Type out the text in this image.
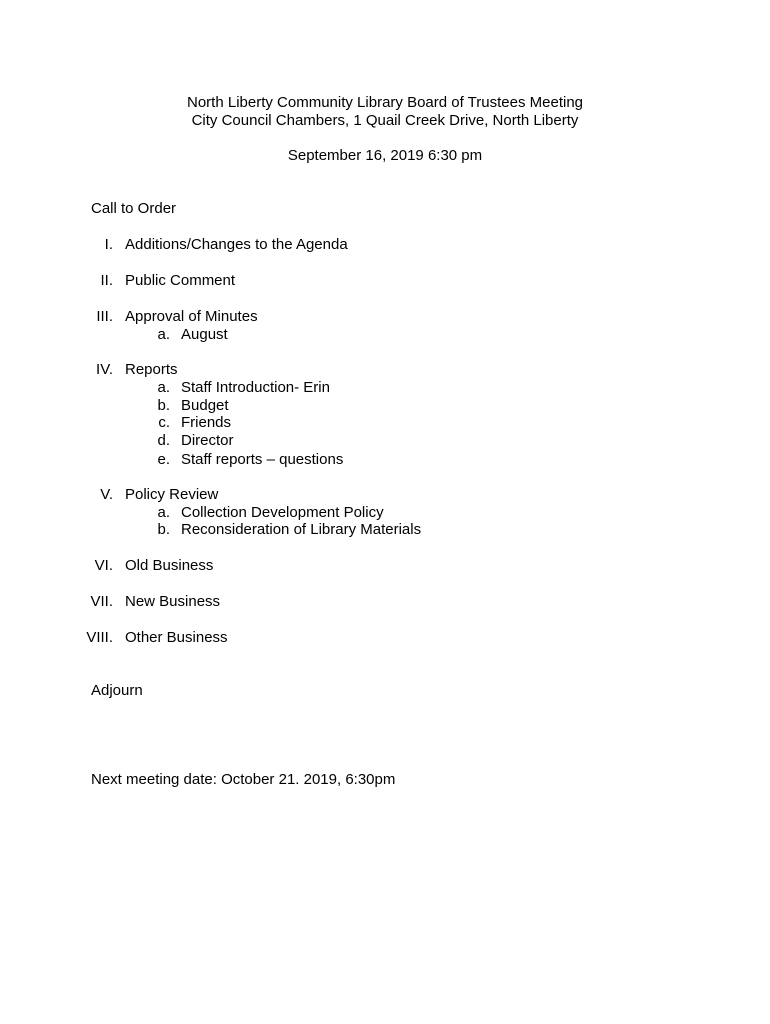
North Liberty Community Library Board of Trustees Meeting
City Council Chambers, 1 Quail Creek Drive, North Liberty
September 16, 2019 6:30 pm
Call to Order
I. Additions/Changes to the Agenda
II. Public Comment
III. Approval of Minutes
a. August
IV. Reports
a. Staff Introduction- Erin
b. Budget
c. Friends
d. Director
e. Staff reports – questions
V. Policy Review
a. Collection Development Policy
b. Reconsideration of Library Materials
VI. Old Business
VII. New Business
VIII. Other Business
Adjourn
Next meeting date: October 21. 2019, 6:30pm
